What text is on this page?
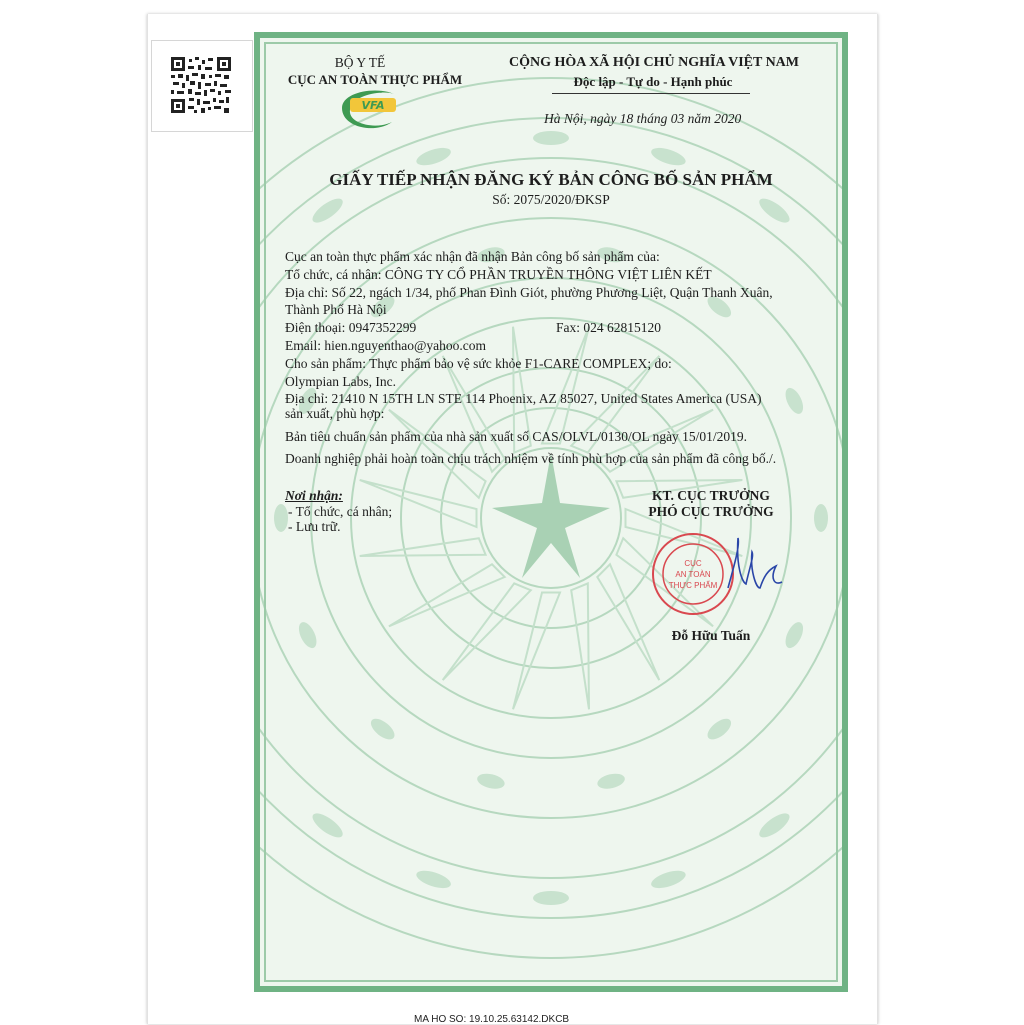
BỘ Y TẾ
CỤC AN TOÀN THỰC PHẨM
VFA
CỘNG HÒA XÃ HỘI CHỦ NGHĨA VIỆT NAM
Độc lập - Tự do - Hạnh phúc
Hà Nội, ngày 18 tháng 03 năm 2020
GIẤY TIẾP NHẬN ĐĂNG KÝ BẢN CÔNG BỐ SẢN PHẨM
Số: 2075/2020/ĐKSP
Cục an toàn thực phẩm xác nhận đã nhận Bản công bố sản phẩm của:
Tổ chức, cá nhân: CÔNG TY CỔ PHẦN TRUYỀN THÔNG VIỆT LIÊN KẾT
Địa chỉ: Số 22, ngách 1/34, phố Phan Đình Giót, phường Phương Liệt, Quận Thanh Xuân,
Thành Phố Hà Nội
Điện thoại: 0947352299	Fax: 024 62815120
Email: hien.nguyenthao@yahoo.com
Cho sản phẩm: Thực phẩm bảo vệ sức khỏe F1-CARE COMPLEX; do:
Olympian Labs, Inc.
Địa chỉ: 21410 N 15TH LN STE 114 Phoenix, AZ 85027, United States America (USA)
sản xuất, phù hợp:
Bản tiêu chuẩn sản phẩm của nhà sản xuất số CAS/OLVL/0130/OL ngày 15/01/2019.
Doanh nghiệp phải hoàn toàn chịu trách nhiệm về tính phù hợp của sản phẩm đã công bố./.
Nơi nhận:
- Tổ chức, cá nhân;
- Lưu trữ.
KT. CỤC TRƯỞNG
PHÓ CỤC TRƯỞNG
CỤC
AN TOÀN
THỰC PHẨM
Đỗ Hữu Tuấn
MA HO SO: 19.10.25.63142.DKCB
